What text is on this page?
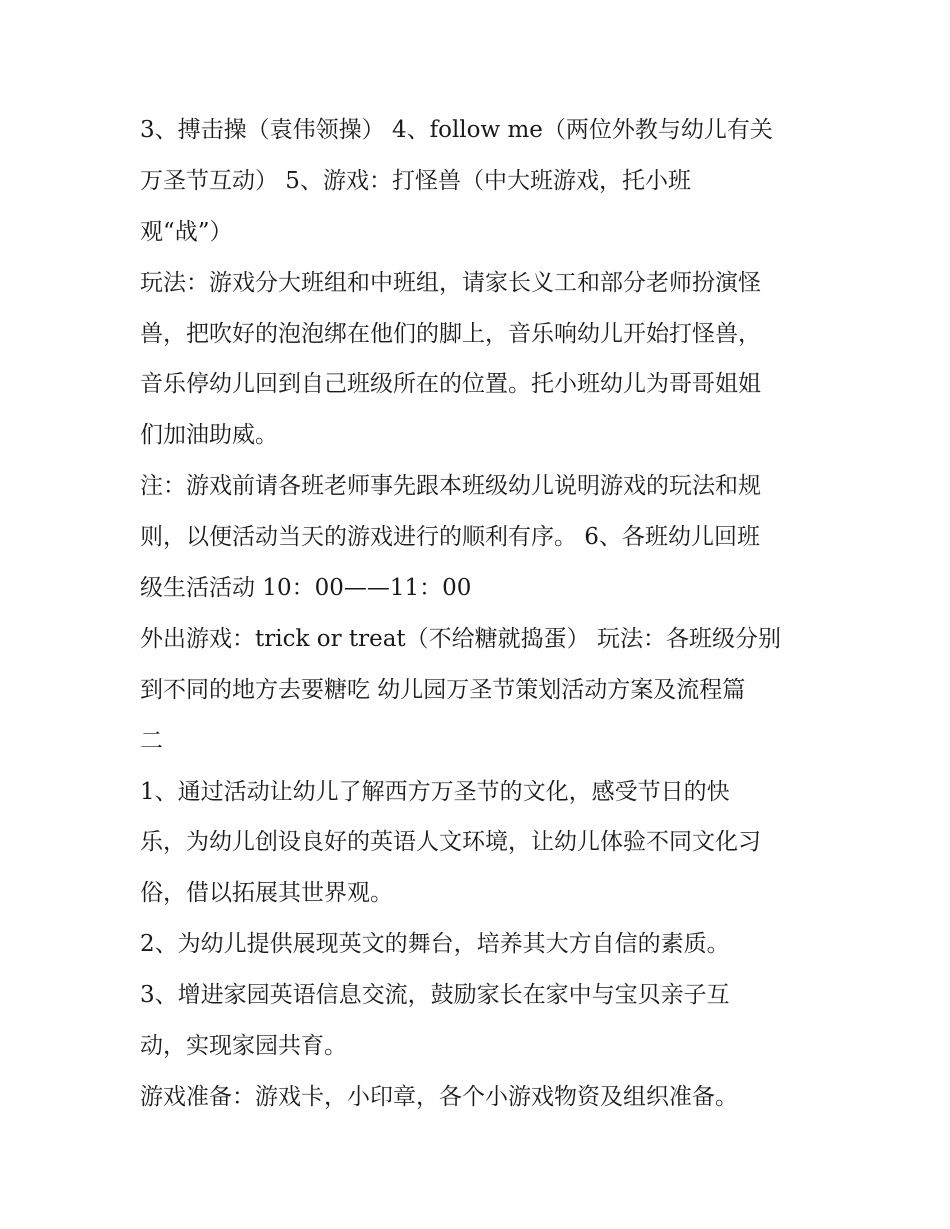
3、搏击操（袁伟领操） 4、follow me（两位外教与幼儿有关
万圣节互动） 5、游戏：打怪兽（中大班游戏，托小班
观“战”）
玩法：游戏分大班组和中班组，请家长义工和部分老师扮演怪
兽，把吹好的泡泡绑在他们的脚上，音乐响幼儿开始打怪兽，
音乐停幼儿回到自己班级所在的位置。托小班幼儿为哥哥姐姐
们加油助威。
注：游戏前请各班老师事先跟本班级幼儿说明游戏的玩法和规
则，以便活动当天的游戏进行的顺利有序。 6、各班幼儿回班
级生活活动 10：00——11：00
外出游戏：trick or treat（不给糖就捣蛋） 玩法：各班级分别
到不同的地方去要糖吃 幼儿园万圣节策划活动方案及流程篇
二
1、通过活动让幼儿了解西方万圣节的文化，感受节日的快
乐，为幼儿创设良好的英语人文环境，让幼儿体验不同文化习
俗，借以拓展其世界观。
2、为幼儿提供展现英文的舞台，培养其大方自信的素质。
3、增进家园英语信息交流，鼓励家长在家中与宝贝亲子互
动，实现家园共育。
游戏准备：游戏卡，小印章，各个小游戏物资及组织准备。
